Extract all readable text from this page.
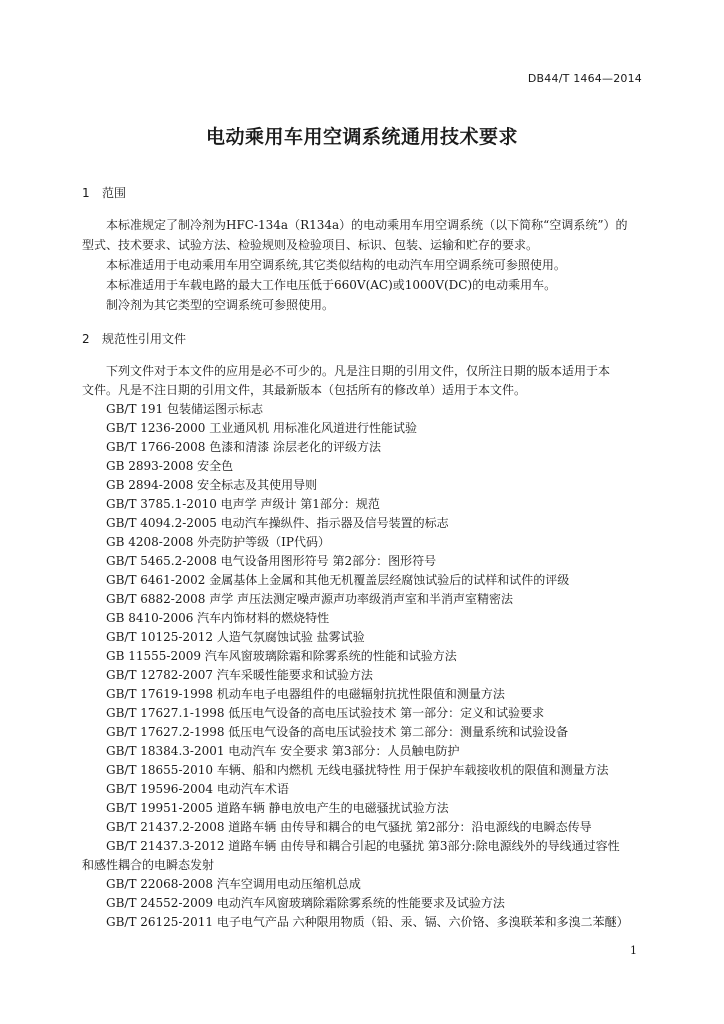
DB44/T 1464—2014
电动乘用车用空调系统通用技术要求
1 范围
本标准规定了制冷剂为HFC-134a（R134a）的电动乘用车用空调系统（以下简称“空调系统”）的
型式、技术要求、试验方法、检验规则及检验项目、标识、包装、运输和贮存的要求。
本标准适用于电动乘用车用空调系统,其它类似结构的电动汽车用空调系统可参照使用。
本标准适用于车载电路的最大工作电压低于660V(AC)或1000V(DC)的电动乘用车。
制冷剂为其它类型的空调系统可参照使用。
2 规范性引用文件
下列文件对于本文件的应用是必不可少的。凡是注日期的引用文件，仅所注日期的版本适用于本
文件。凡是不注日期的引用文件，其最新版本（包括所有的修改单）适用于本文件。
GB/T 191 包装储运图示标志
GB/T 1236-2000 工业通风机 用标准化风道进行性能试验
GB/T 1766-2008 色漆和清漆 涂层老化的评级方法
GB 2893-2008 安全色
GB 2894-2008 安全标志及其使用导则
GB/T 3785.1-2010 电声学 声级计 第1部分：规范
GB/T 4094.2-2005 电动汽车操纵件、指示器及信号装置的标志
GB 4208-2008 外壳防护等级（IP代码）
GB/T 5465.2-2008 电气设备用图形符号 第2部分：图形符号
GB/T 6461-2002 金属基体上金属和其他无机覆盖层经腐蚀试验后的试样和试件的评级
GB/T 6882-2008 声学 声压法测定噪声源声功率级消声室和半消声室精密法
GB 8410-2006 汽车内饰材料的燃烧特性
GB/T 10125-2012 人造气氛腐蚀试验 盐雾试验
GB 11555-2009 汽车风窗玻璃除霜和除雾系统的性能和试验方法
GB/T 12782-2007 汽车采暖性能要求和试验方法
GB/T 17619-1998 机动车电子电器组件的电磁辐射抗扰性限值和测量方法
GB/T 17627.1-1998 低压电气设备的高电压试验技术 第一部分：定义和试验要求
GB/T 17627.2-1998 低压电气设备的高电压试验技术 第二部分：测量系统和试验设备
GB/T 18384.3-2001 电动汽车 安全要求 第3部分：人员触电防护
GB/T 18655-2010 车辆、船和内燃机 无线电骚扰特性 用于保护车载接收机的限值和测量方法
GB/T 19596-2004 电动汽车术语
GB/T 19951-2005 道路车辆 静电放电产生的电磁骚扰试验方法
GB/T 21437.2-2008 道路车辆 由传导和耦合的电气骚扰 第2部分：沿电源线的电瞬态传导
GB/T 21437.3-2012 道路车辆 由传导和耦合引起的电骚扰 第3部分:除电源线外的导线通过容性
和感性耦合的电瞬态发射
GB/T 22068-2008 汽车空调用电动压缩机总成
GB/T 24552-2009 电动汽车风窗玻璃除霜除雾系统的性能要求及试验方法
GB/T 26125-2011 电子电气产品 六种限用物质（铅、汞、镉、六价铬、多溴联苯和多溴二苯醚）
1
